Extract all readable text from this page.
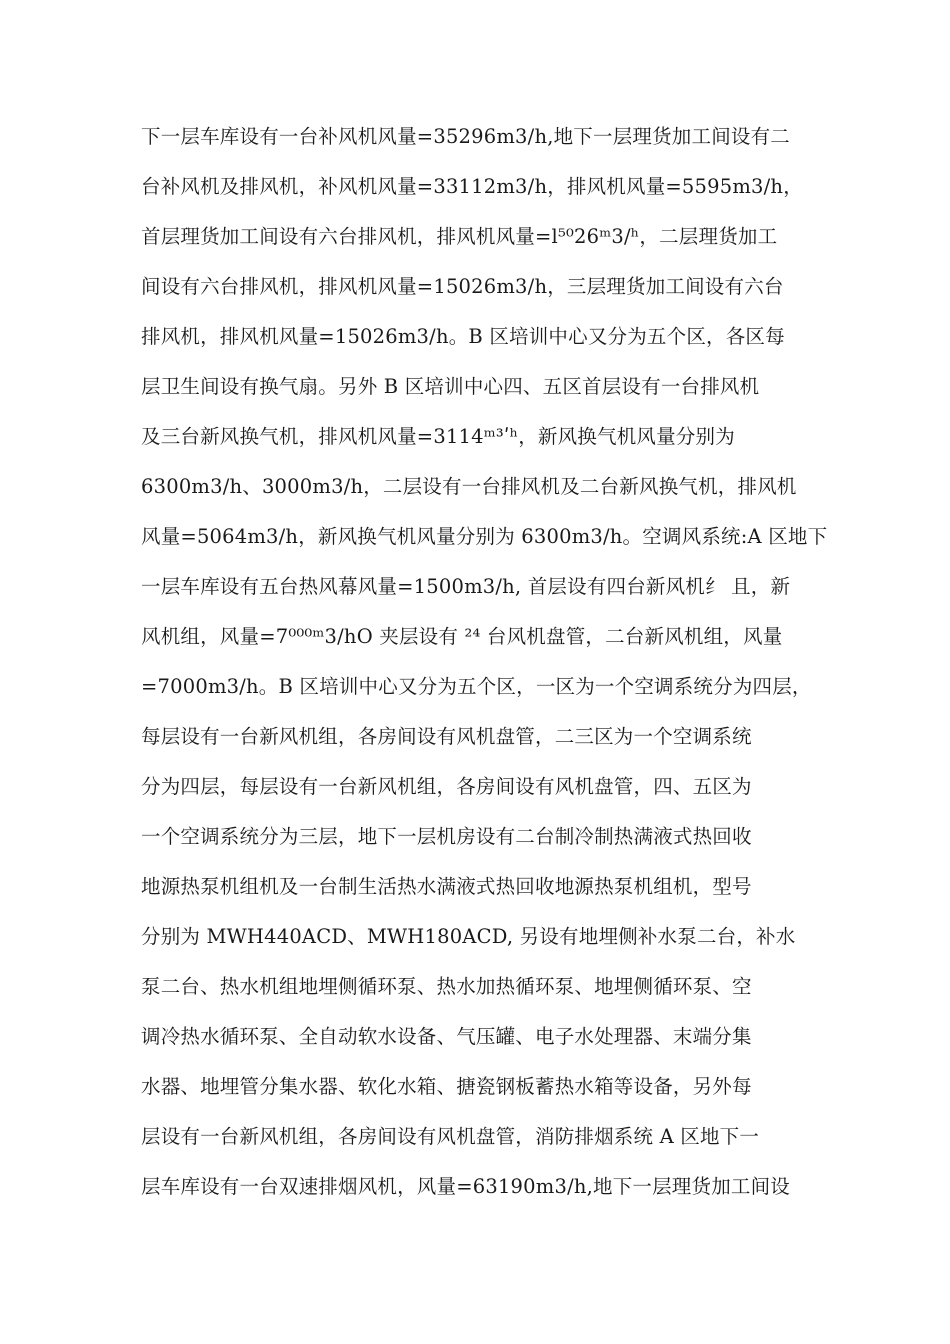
下一层车库设有一台补风机风量=35296m3/h,地下一层理货加工间设有二
台补风机及排风机，补风机风量=33112m3/h，排风机风量=5595m3/h，
首层理货加工间设有六台排风机，排风机风量=l⁵⁰26ᵐ3/ʰ，二层理货加工
间设有六台排风机，排风机风量=15026m3/h，三层理货加工间设有六台
排风机，排风机风量=15026m3/h。B 区培训中心又分为五个区，各区每
层卫生间设有换气扇。另外 B 区培训中心四、五区首层设有一台排风机
及三台新风换气机，排风机风量=3114ᵐ³ʹʰ，新风换气机风量分别为
6300m3/h、3000m3/h，二层设有一台排风机及二台新风换气机，排风机
风量=5064m3/h，新风换气机风量分别为 6300m3/h。空调风系统:A 区地下
一层车库设有五台热风幕风量=1500m3/h, 首层设有四台新风机纟 且，新
风机组，风量=7⁰⁰⁰ᵐ3/hO 夹层设有 ²⁴ 台风机盘管，二台新风机组，风量
=7000m3/h。B 区培训中心又分为五个区，一区为一个空调系统分为四层，
每层设有一台新风机组，各房间设有风机盘管，二三区为一个空调系统
分为四层，每层设有一台新风机组，各房间设有风机盘管，四、五区为
一个空调系统分为三层，地下一层机房设有二台制冷制热满液式热回收
地源热泵机组机及一台制生活热水满液式热回收地源热泵机组机，型号
分别为 MWH440ACD、MWH180ACD, 另设有地埋侧补水泵二台，补水
泵二台、热水机组地埋侧循环泵、热水加热循环泵、地埋侧循环泵、空
调冷热水循环泵、全自动软水设备、气压罐、电子水处理器、末端分集
水器、地埋管分集水器、软化水箱、搪瓷钢板蓄热水箱等设备，另外每
层设有一台新风机组，各房间设有风机盘管，消防排烟系统 A 区地下一
层车库设有一台双速排烟风机，风量=63190m3/h,地下一层理货加工间设
